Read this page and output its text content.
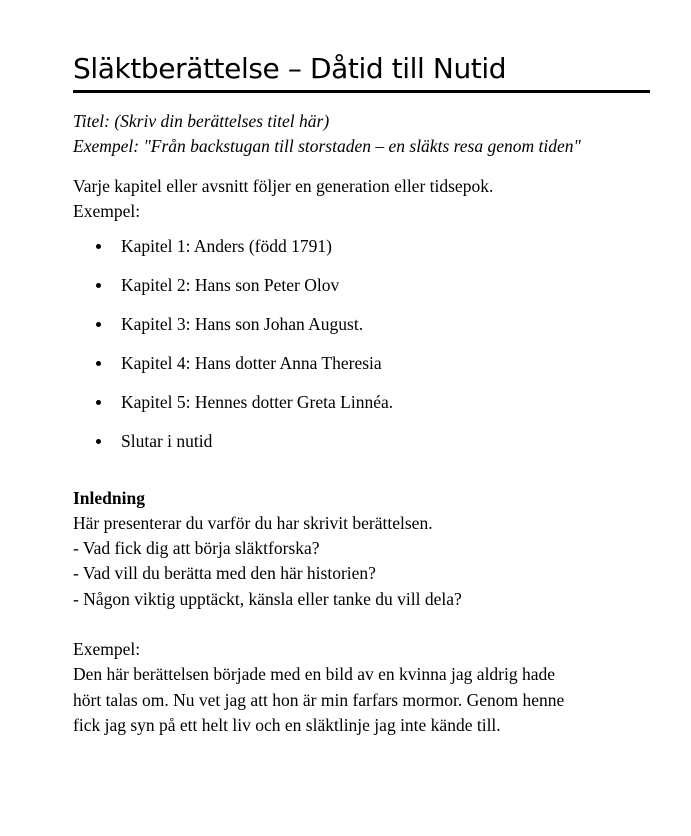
Släktberättelse – Dåtid till Nutid
Titel: (Skriv din berättelses titel här)
Exempel: "Från backstugan till storstaden – en släkts resa genom tiden"
Varje kapitel eller avsnitt följer en generation eller tidsepok.
Exempel:
Kapitel 1: Anders (född 1791)
Kapitel 2: Hans son Peter Olov
Kapitel 3: Hans son Johan August.
Kapitel 4: Hans dotter Anna Theresia
Kapitel 5: Hennes dotter Greta Linnéa.
Slutar i nutid
Inledning
Här presenterar du varför du har skrivit berättelsen.
- Vad fick dig att börja släktforska?
- Vad vill du berätta med den här historien?
- Någon viktig upptäckt, känsla eller tanke du vill dela?
Exempel:
Den här berättelsen började med en bild av en kvinna jag aldrig hade
hört talas om. Nu vet jag att hon är min farfars mormor. Genom henne
fick jag syn på ett helt liv och en släktlinje jag inte kände till.
